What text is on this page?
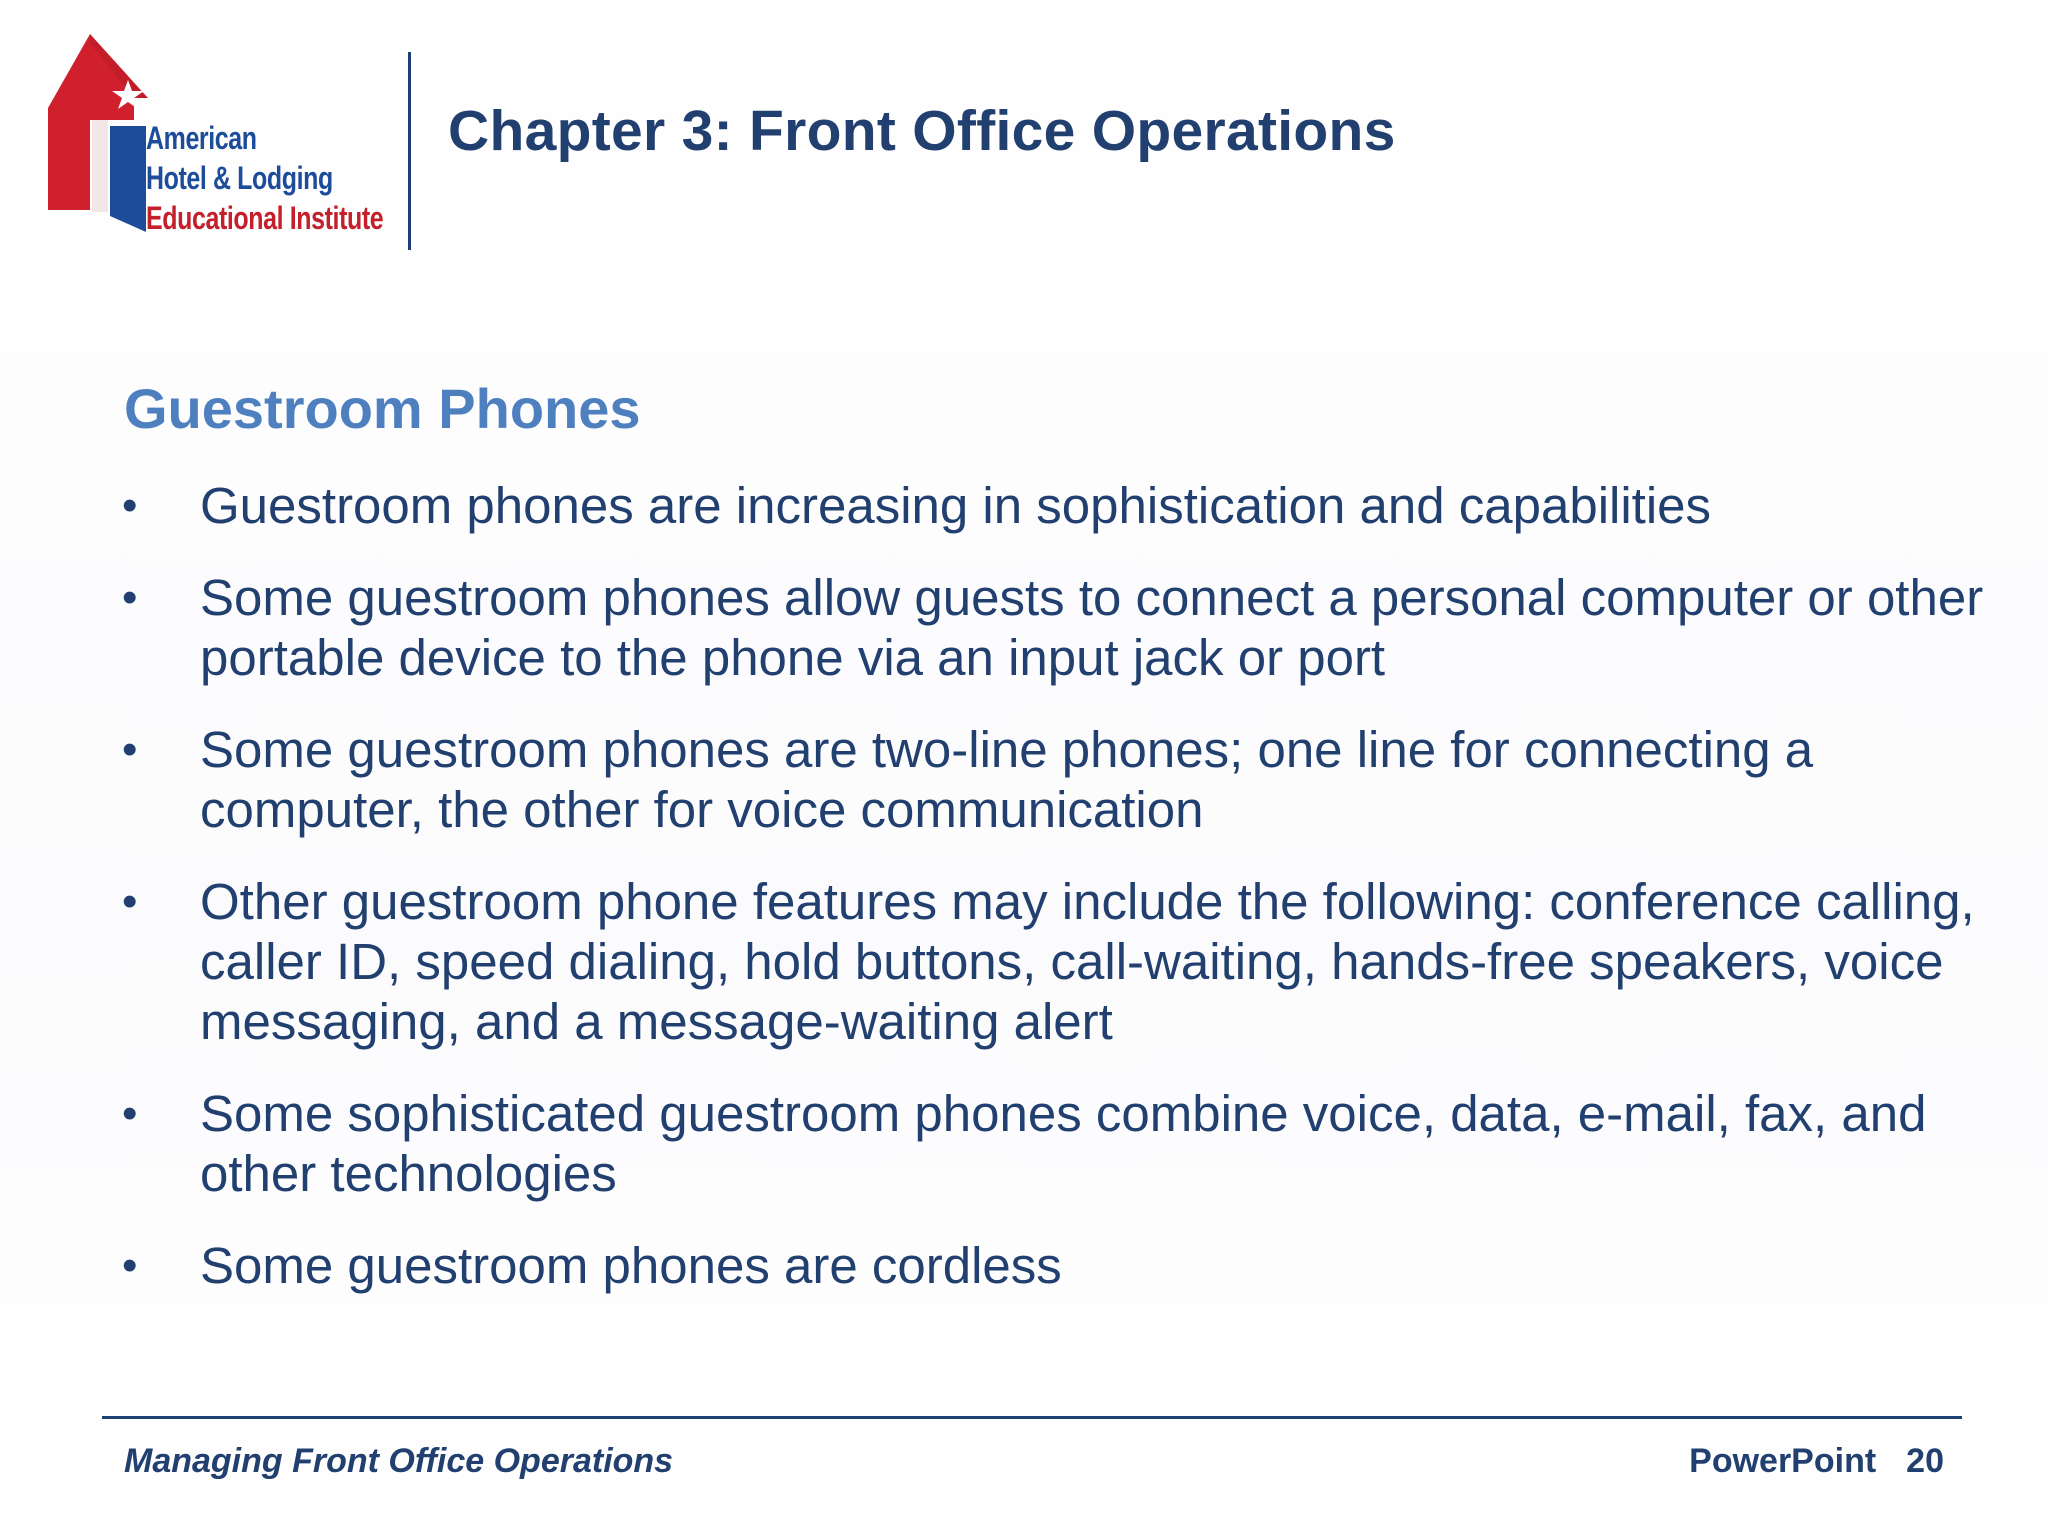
American
Hotel & Lodging
Educational Institute
Chapter 3: Front Office Operations
Guestroom Phones
• Guestroom phones are increasing in sophistication and capabilities
• Some guestroom phones allow guests to connect a personal computer or other portable device to the phone via an input jack or port
• Some guestroom phones are two-line phones; one line for connecting a computer, the other for voice communication
• Other guestroom phone features may include the following: conference calling, caller ID, speed dialing, hold buttons, call-waiting, hands-free speakers, voice messaging, and a message-waiting alert
• Some sophisticated guestroom phones combine voice, data, e-mail, fax, and other technologies
• Some guestroom phones are cordless
Managing Front Office Operations	PowerPoint 20
